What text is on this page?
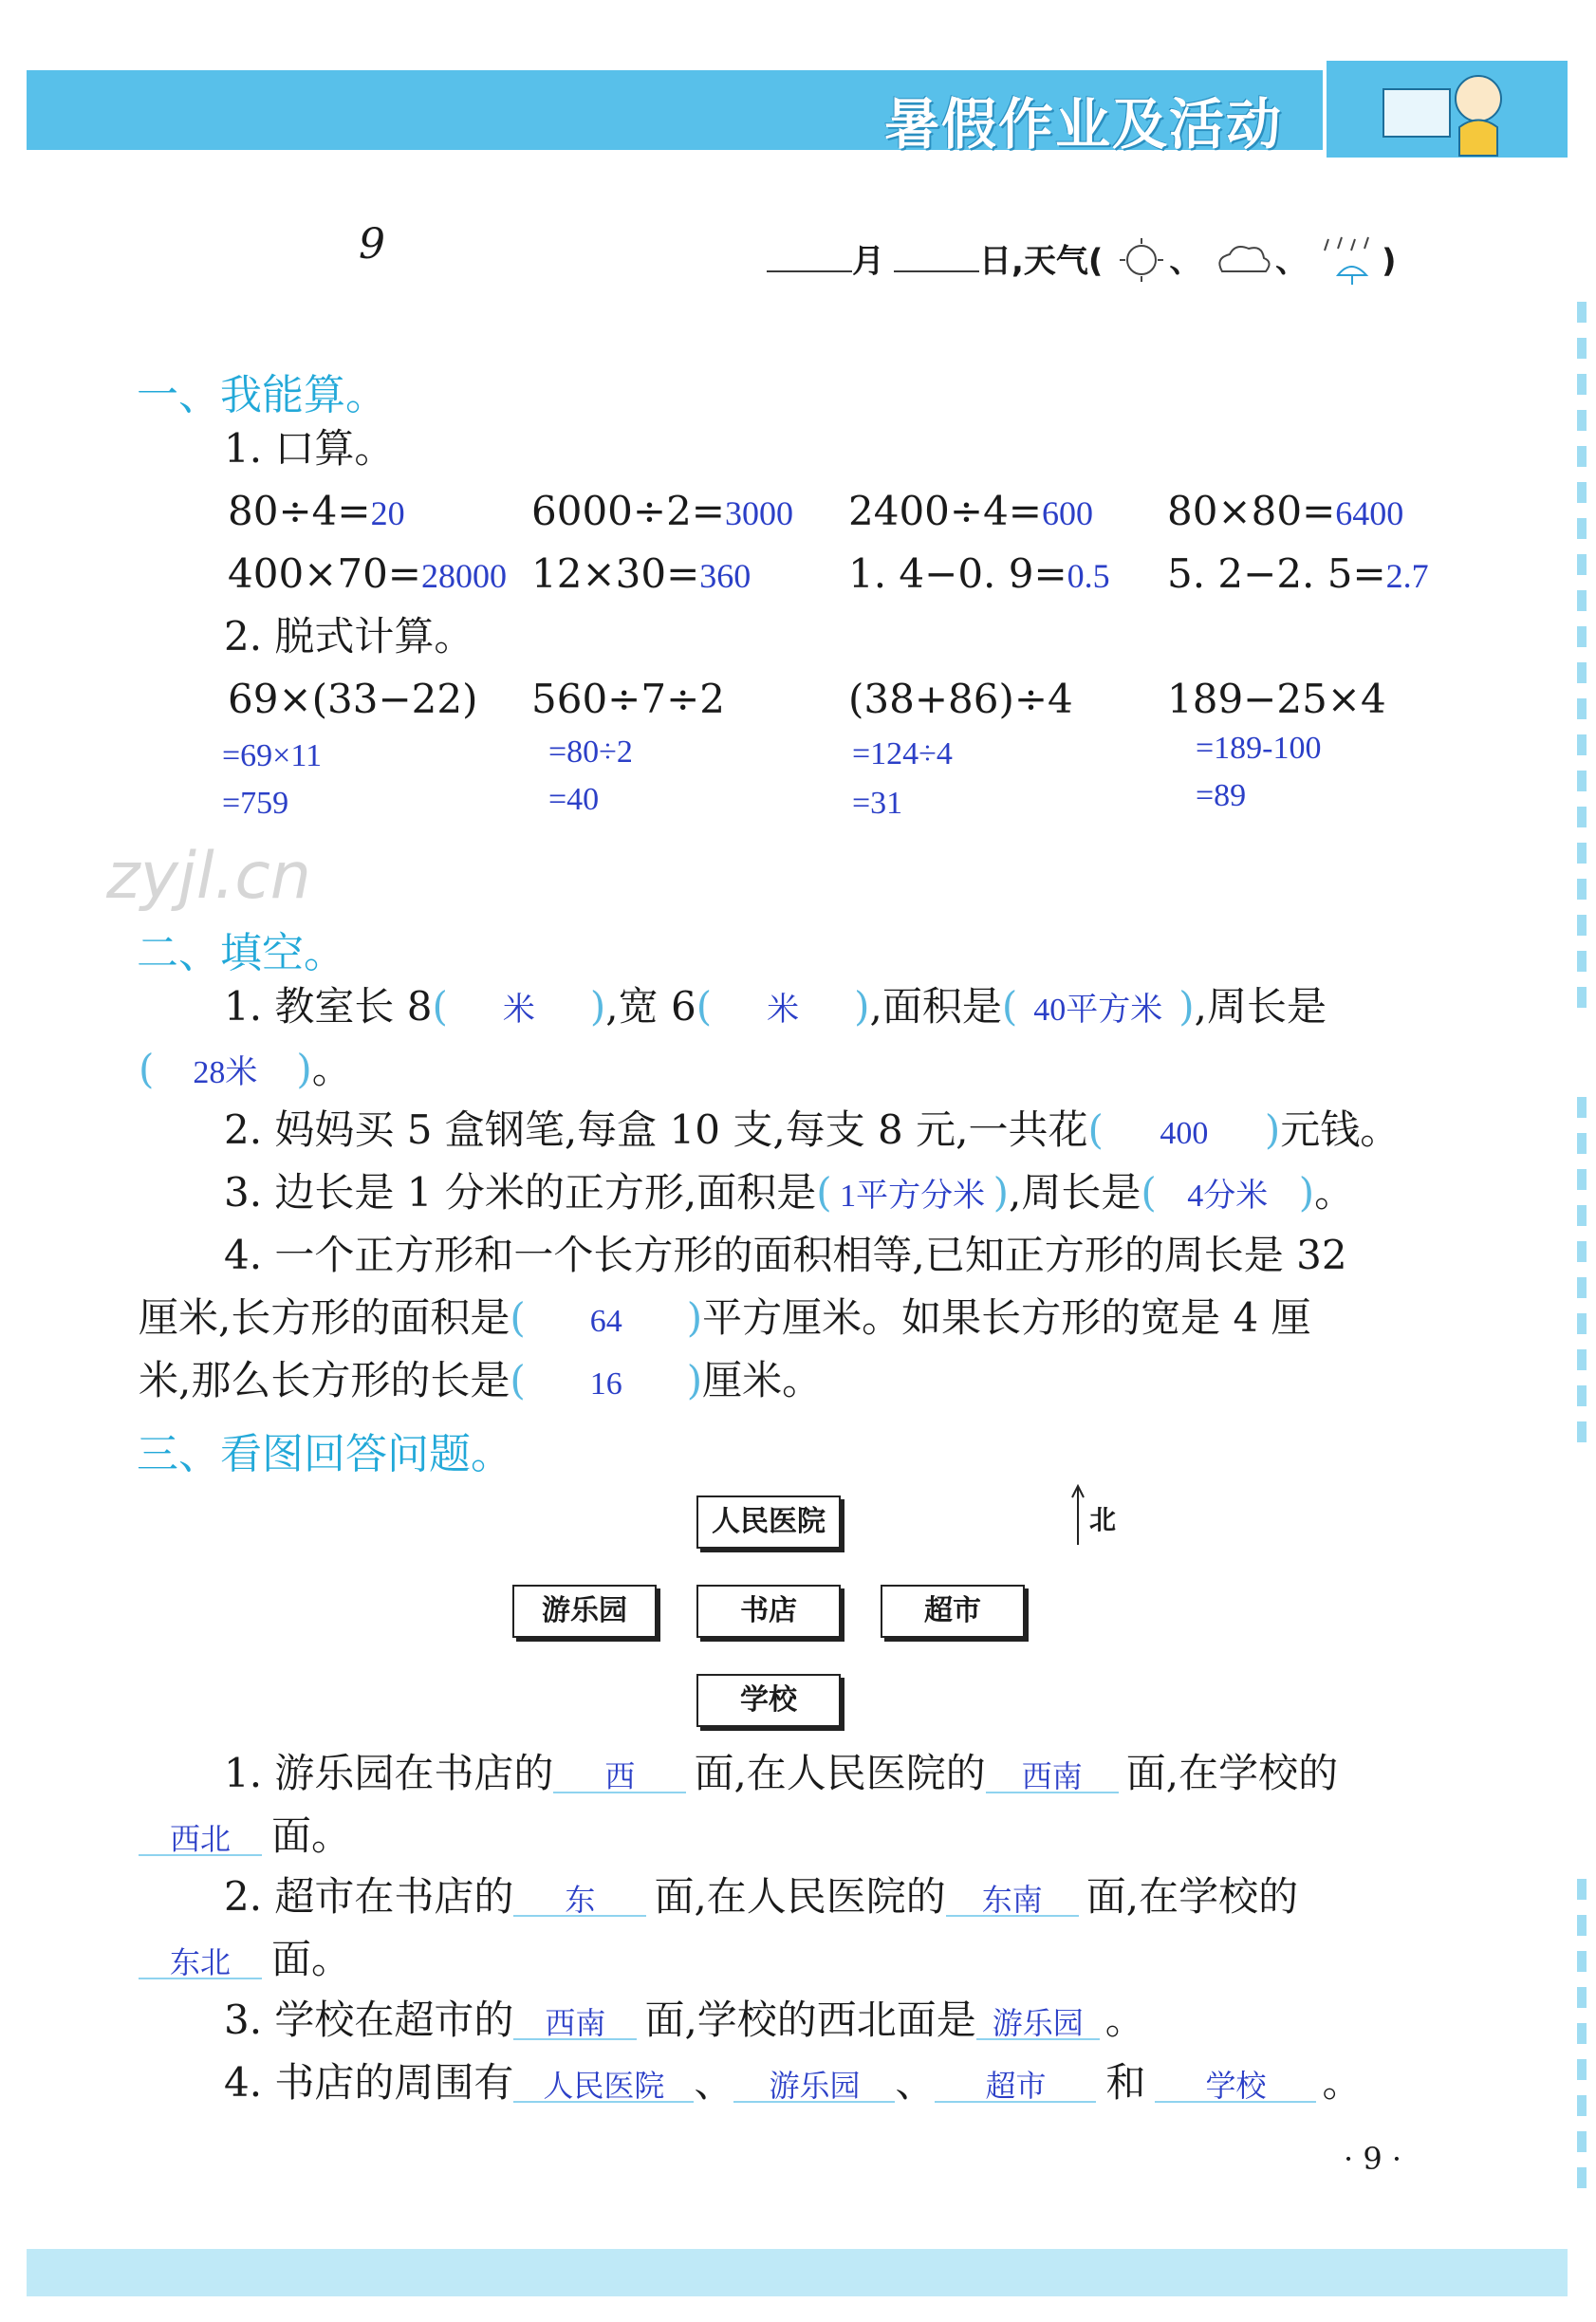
暑假作业及活动
9	月	日,天气( 、 、 )
一、我能算。
1. 口算。
80÷4=20	6000÷2=3000 2400÷4=600 80×80=6400
400×70=28000 12×30=360 1. 4−0. 9=0.5 5. 2−2. 5=2.7
2. 脱式计算。
69×(33−22) 560÷7÷2	(38+86)÷4 189−25×4
=69×11
=759
=80÷2
=40
=124÷4
=31
=189-100
=89
zyjl.cn
二、填空。
1. 教室长 8( 米 ),宽 6( 米 ),面积是( 40平方米 ),周长是
( 28米 )。
2. 妈妈买 5 盒钢笔,每盒 10 支,每支 8 元,一共花( 400 )元钱。
3. 边长是 1 分米的正方形,面积是( 1平方分米 ),周长是( 4分米 )。
4. 一个正方形和一个长方形的面积相等,已知正方形的周长是 32
厘米,长方形的面积是( 64 )平方厘米。如果长方形的宽是 4 厘
米,那么长方形的长是( 16 )厘米。
三、看图回答问题。
人民医院
游乐园	书店	超市
学校
北
1. 游乐园在书店的 西 面,在人民医院的 西南 面,在学校的
西北 面。
2. 超市在书店的 东 面,在人民医院的 东南 面,在学校的
东北 面。
3. 学校在超市的 西南 面,学校的西北面是 游乐园 。
4. 书店的周围有 人民医院 、 游乐园 、 超市 和 学校 。
· 9 ·
